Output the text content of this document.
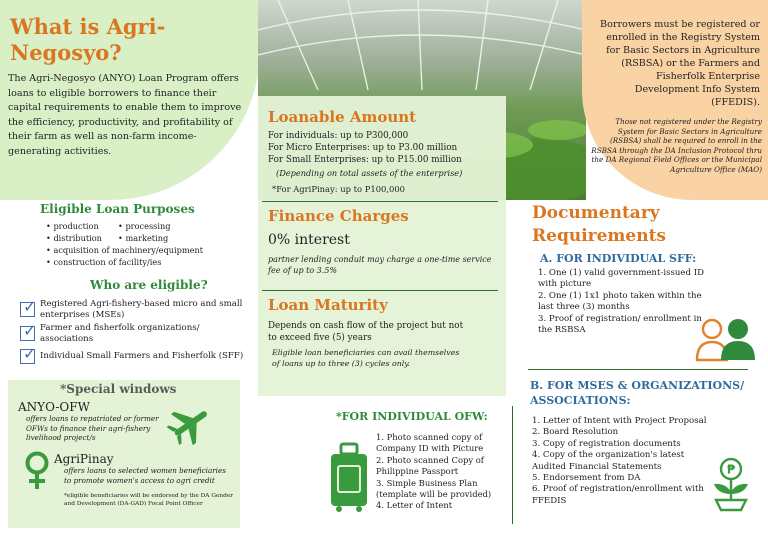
What is Agri-Negosyo?
The Agri-Negosyo (ANYO) Loan Program offers loans to eligible borrowers to finance their capital requirements to enable them to improve the efficiency, productivity, and profitability of their farm as well as non-farm income-generating activities.
Eligible Loan Purposes
• production • processing
• distribution • marketing
• acquisition of machinery/equipment
• construction of facility/ies
Who are eligible?
✓ Registered Agri-fishery-based micro and small enterprises (MSEs)
✓ Farmer and fisherfolk organizations/ associations
✓ Individual Small Farmers and Fisherfolk (SFF)
*Special windows
ANYO-OFW
offers loans to repatriated or former OFWs to finance their agri-fishery livelihood project/s
AgriPinay
offers loans to selected women beneficiaries to promote women's access to agri credit
*eligible beneficiaries will be endorsed by the DA Gender and Development (DA-GAD) Focal Point Officer
Loanable Amount
For individuals: up to P300,000
For Micro Enterprises: up to P3.00 million
For Small Enterprises: up to P15.00 million
(Depending on total assets of the enterprise)
*For AgriPinay: up to P100,000
Finance Charges
0% interest
partner lending conduit may charge a one-time service fee of up to 3.5%
Loan Maturity
Depends on cash flow of the project but not to exceed five (5) years
Eligible loan beneficiaries can avail themselves of loans up to three (3) cycles only.
Borrowers must be registered or enrolled in the Registry System for Basic Sectors in Agriculture (RSBSA) or the Farmers and Fisherfolk Enterprise Development Info System (FFEDIS).
Those not registered under the Registry System for Basic Sectors in Agriculture (RSBSA) shall be required to enroll in the RSBSA through the DA Inclusion Protocol thru the DA Regional Field Offices or the Municipal Agriculture Office (MAO)
Documentary Requirements
A. FOR INDIVIDUAL SFF:
1. One (1) valid government-issued ID with picture
2. One (1) 1x1 photo taken within the last three (3) months
3. Proof of registration/ enrollment in the RSBSA
B. FOR MSES & ORGANIZATIONS/ ASSOCIATIONS:
1. Letter of Intent with Project Proposal
2. Board Resolution
3. Copy of registration documents
4. Copy of the organization's latest Audited Financial Statements
5. Endorsement from DA
6. Proof of registration/enrollment with FFEDIS
₱
*FOR INDIVIDUAL OFW:
1. Photo scanned copy of Company ID with Picture
2. Photo scanned Copy of Philippine Passport
3. Simple Business Plan (template will be provided)
4. Letter of Intent
